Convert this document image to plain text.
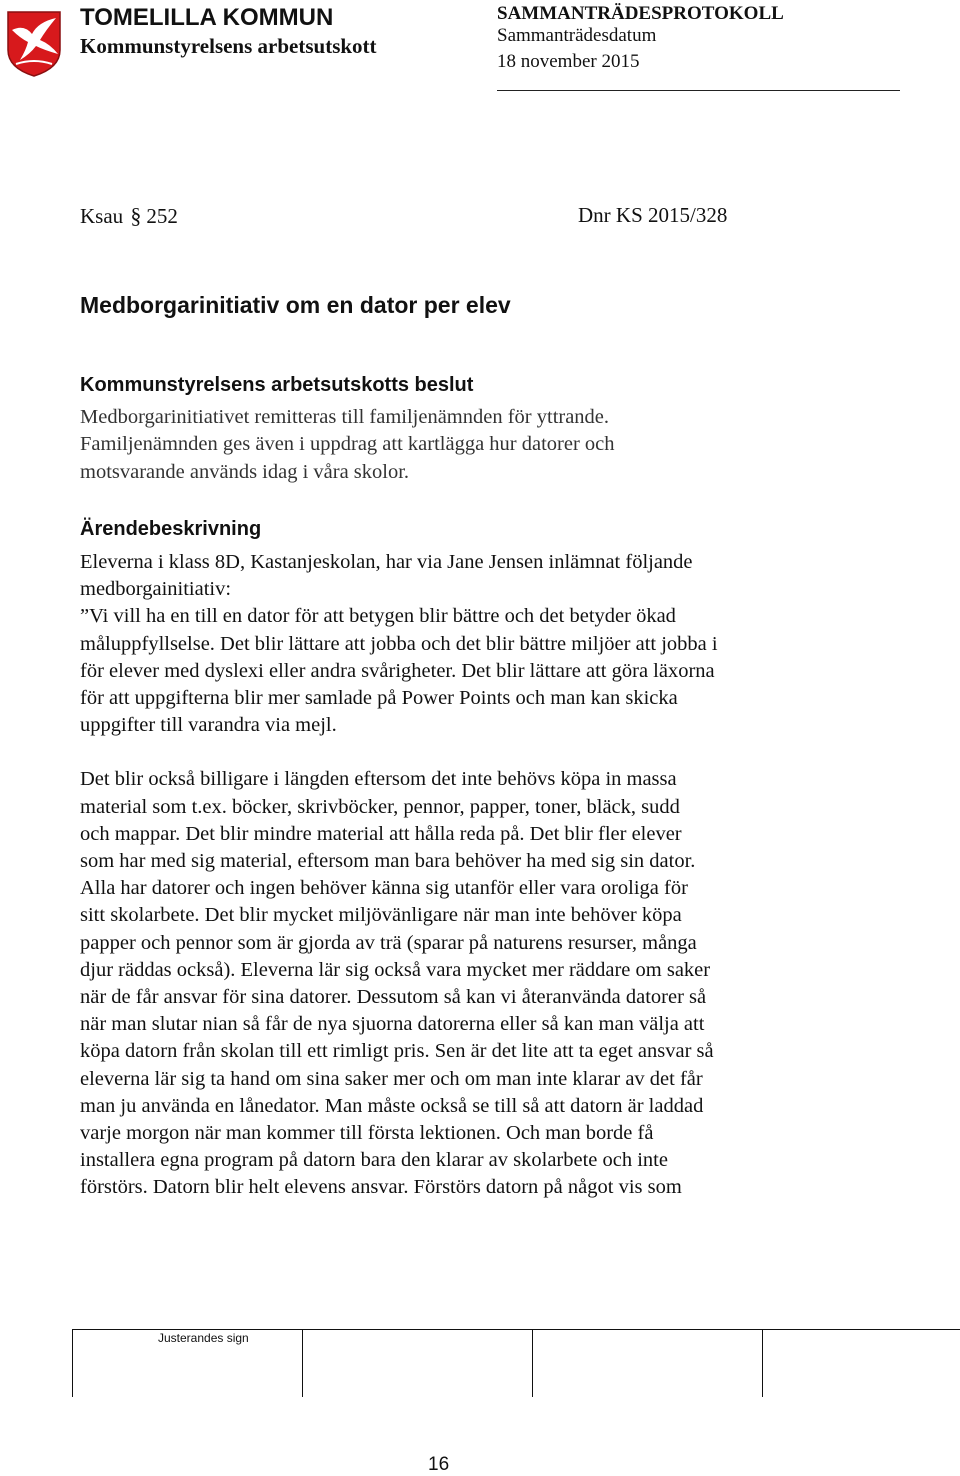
TOMELILLA KOMMUN
Kommunstyrelsens arbetsutskott
SAMMANTRÄDESPROTOKOLL
Sammanträdesdatum
18 november 2015
Ksau § 252	Dnr KS 2015/328
Medborgarinitiativ om en dator per elev
Kommunstyrelsens arbetsutskotts beslut
Medborgarinitiativet remitteras till familjenämnden för yttrande.
Familjenämnden ges även i uppdrag att kartlägga hur datorer och
motsvarande används idag i våra skolor.
Ärendebeskrivning
Eleverna i klass 8D, Kastanjeskolan, har via Jane Jensen inlämnat följande
medborgainitiativ:
”Vi vill ha en till en dator för att betygen blir bättre och det betyder ökad
måluppfyllselse. Det blir lättare att jobba och det blir bättre miljöer att jobba i
för elever med dyslexi eller andra svårigheter. Det blir lättare att göra läxorna
för att uppgifterna blir mer samlade på Power Points och man kan skicka
uppgifter till varandra via mejl.
Det blir också billigare i längden eftersom det inte behövs köpa in massa
material som t.ex. böcker, skrivböcker, pennor, papper, toner, bläck, sudd
och mappar. Det blir mindre material att hålla reda på. Det blir fler elever
som har med sig material, eftersom man bara behöver ha med sig sin dator.
Alla har datorer och ingen behöver känna sig utanför eller vara oroliga för
sitt skolarbete. Det blir mycket miljövänligare när man inte behöver köpa
papper och pennor som är gjorda av trä (sparar på naturens resurser, många
djur räddas också). Eleverna lär sig också vara mycket mer räddare om saker
när de får ansvar för sina datorer. Dessutom så kan vi återanvända datorer så
när man slutar nian så får de nya sjuorna datorerna eller så kan man välja att
köpa datorn från skolan till ett rimligt pris. Sen är det lite att ta eget ansvar så
eleverna lär sig ta hand om sina saker mer och om man inte klarar av det får
man ju använda en lånedator. Man måste också se till så att datorn är laddad
varje morgon när man kommer till första lektionen. Och man borde få
installera egna program på datorn bara den klarar av skolarbete och inte
förstörs. Datorn blir helt elevens ansvar. Förstörs datorn på något vis som
Justerandes sign
16
